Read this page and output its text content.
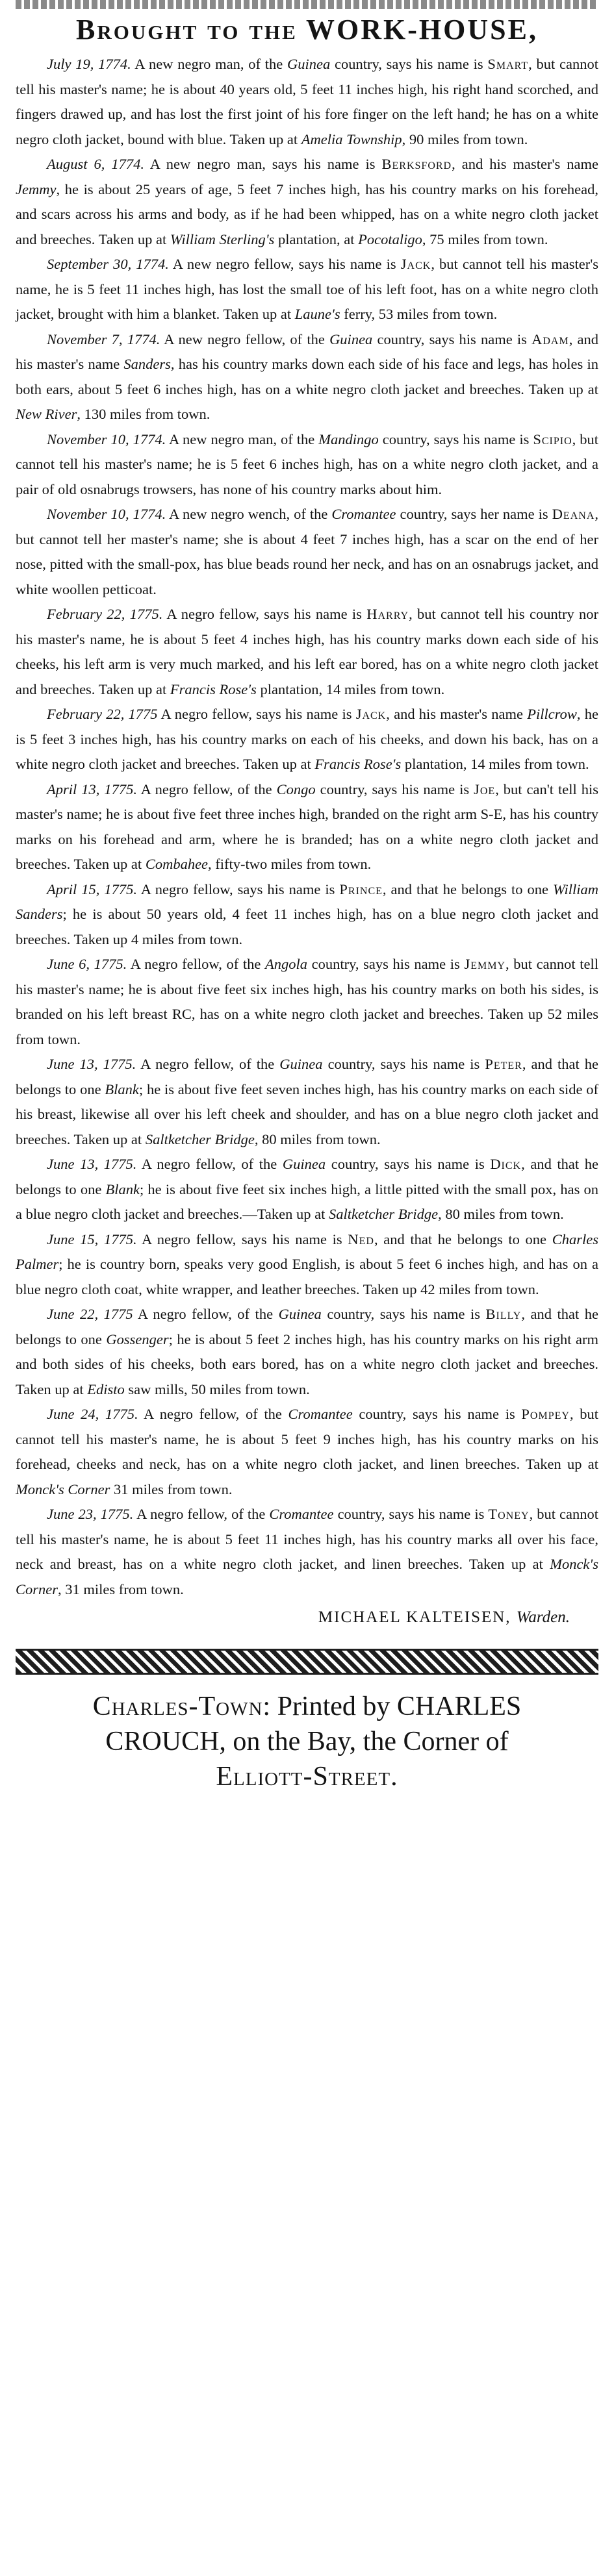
Brought to the WORK-HOUSE,

July 19, 1774. A new negro man, of the Guinea country, says his name is Smart, but cannot tell his master's name; he is about 40 years old, 5 feet 11 inches high, his right hand scorched, and fingers drawed up, and has lost the first joint of his fore finger on the left hand; he has on a white negro cloth jacket, bound with blue. Taken up at Amelia Township, 90 miles from town.

August 6, 1774. A new negro man, says his name is Berksford, and his master's name Jemmy, he is about 25 years of age, 5 feet 7 inches high, has his country marks on his forehead, and scars across his arms and body, as if he had been whipped, has on a white negro cloth jacket and breeches. Taken up at William Sterling's plantation, at Pocotaligo, 75 miles from town.

September 30, 1774. A new negro fellow, says his name is Jack, but cannot tell his master's name, he is 5 feet 11 inches high, has lost the small toe of his left foot, has on a white negro cloth jacket, brought with him a blanket. Taken up at Laune's ferry, 53 miles from town.

November 7, 1774. A new negro fellow, of the Guinea country, says his name is Adam, and his master's name Sanders, has his country marks down each side of his face and legs, has holes in both ears, about 5 feet 6 inches high, has on a white negro cloth jacket and breeches. Taken up at New River, 130 miles from town.

November 10, 1774. A new negro man, of the Mandingo country, says his name is Scipio, but cannot tell his master's name; he is 5 feet 6 inches high, has on a white negro cloth jacket, and a pair of old osnabrugs trowsers, has none of his country marks about him.

November 10, 1774. A new negro wench, of the Cromantee country, says her name is Deana, but cannot tell her master's name; she is about 4 feet 7 inches high, has a scar on the end of her nose, pitted with the small-pox, has blue beads round her neck, and has on an osnabrugs jacket, and white woollen petticoat.

February 22, 1775. A negro fellow, says his name is Harry, but cannot tell his country nor his master's name, he is about 5 feet 4 inches high, has his country marks down each side of his cheeks, his left arm is very much marked, and his left ear bored, has on a white negro cloth jacket and breeches. Taken up at Francis Rose's plantation, 14 miles from town.

February 22, 1775 A negro fellow, says his name is Jack, and his master's name Pillcrow, he is 5 feet 3 inches high, has his country marks on each of his cheeks, and down his back, has on a white negro cloth jacket and breeches. Taken up at Francis Rose's plantation, 14 miles from town.

April 13, 1775. A negro fellow, of the Congo country, says his name is Joe, but can't tell his master's name; he is about five feet three inches high, branded on the right arm S-E, has his country marks on his forehead and arm, where he is branded; has on a white negro cloth jacket and breeches. Taken up at Combahee, fifty-two miles from town.

April 15, 1775. A negro fellow, says his name is Prince, and that he belongs to one William Sanders; he is about 50 years old, 4 feet 11 inches high, has on a blue negro cloth jacket and breeches. Taken up 4 miles from town.

June 6, 1775. A negro fellow, of the Angola country, says his name is Jemmy, but cannot tell his master's name; he is about five feet six inches high, has his country marks on both his sides, is branded on his left breast RC, has on a white negro cloth jacket and breeches. Taken up 52 miles from town.

June 13, 1775. A negro fellow, of the Guinea country, says his name is Peter, and that he belongs to one Blank; he is about five feet seven inches high, has his country marks on each side of his breast, likewise all over his left cheek and shoulder, and has on a blue negro cloth jacket and breeches. Taken up at Saltketcher Bridge, 80 miles from town.

June 13, 1775. A negro fellow, of the Guinea country, says his name is Dick, and that he belongs to one Blank; he is about five feet six inches high, a little pitted with the small pox, has on a blue negro cloth jacket and breeches.—Taken up at Saltketcher Bridge, 80 miles from town.

June 15, 1775. A negro fellow, says his name is Ned, and that he belongs to one Charles Palmer; he is country born, speaks very good English, is about 5 feet 6 inches high, and has on a blue negro cloth coat, white wrapper, and leather breeches. Taken up 42 miles from town.

June 22, 1775 A negro fellow, of the Guinea country, says his name is Billy, and that he belongs to one Gossenger; he is about 5 feet 2 inches high, has his country marks on his right arm and both sides of his cheeks, both ears bored, has on a white negro cloth jacket and breeches. Taken up at Edisto saw mills, 50 miles from town.

June 24, 1775. A negro fellow, of the Cromantee country, says his name is Pompey, but cannot tell his master's name, he is about 5 feet 9 inches high, has his country marks on his forehead, cheeks and neck, has on a white negro cloth jacket, and linen breeches. Taken up at Monck's Corner 31 miles from town.

June 23, 1775. A negro fellow, of the Cromantee country, says his name is Toney, but cannot tell his master's name, he is about 5 feet 11 inches high, has his country marks all over his face, neck and breast, has on a white negro cloth jacket, and linen breeches. Taken up at Monck's Corner, 31 miles from town.

MICHAEL KALTEISEN, Warden.

Charles-Town: Printed by CHARLES
CROUCH, on the Bay, the Corner of
Elliott-Street.
